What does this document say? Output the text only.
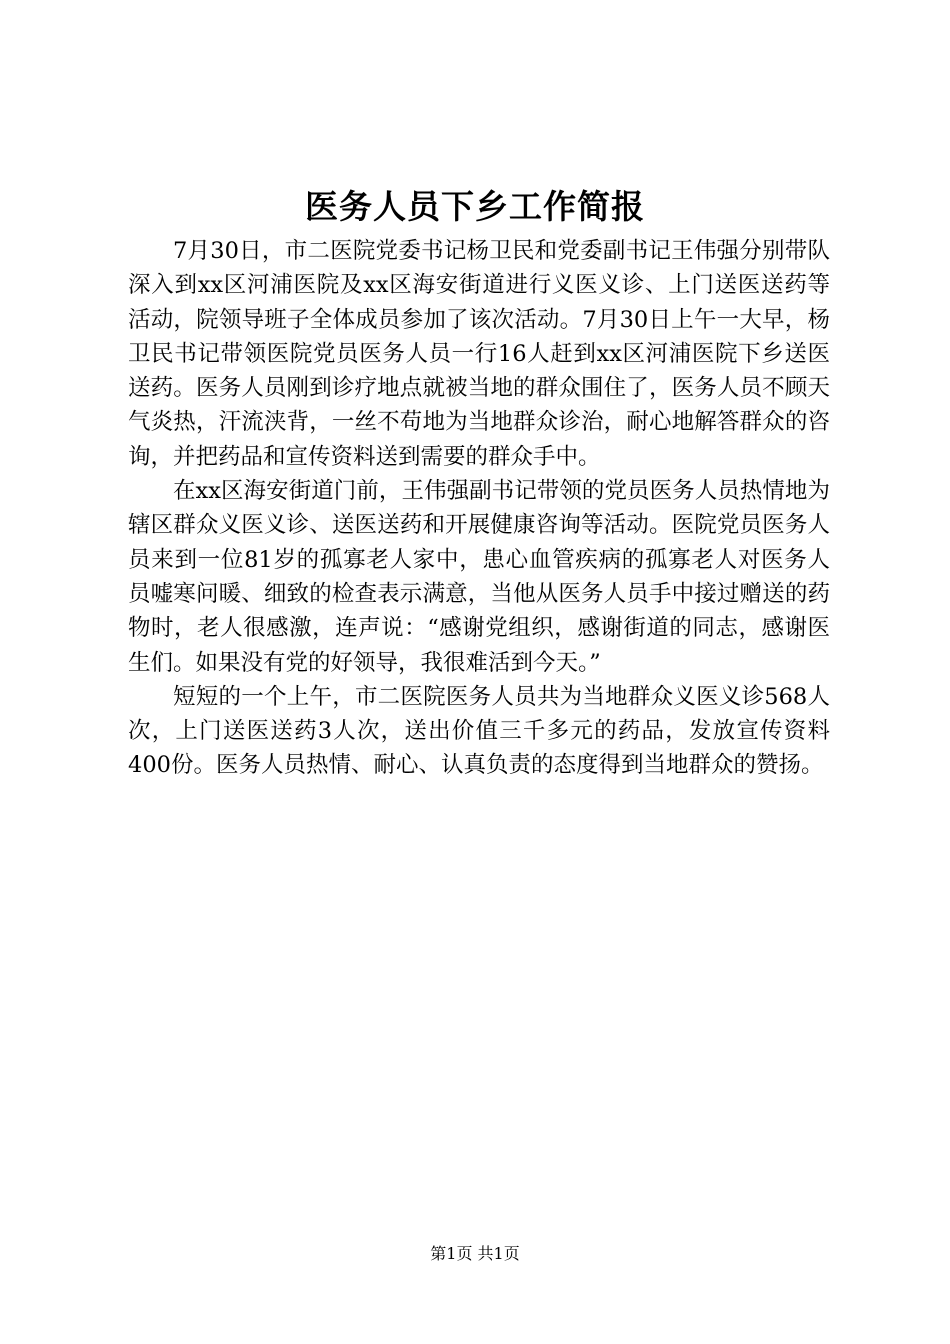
医务人员下乡工作简报

7月30日，市二医院党委书记杨卫民和党委副书记王伟强分别带队深入到xx区河浦医院及xx区海安街道进行义医义诊、上门送医送药等活动，院领导班子全体成员参加了该次活动。7月30日上午一大早，杨卫民书记带领医院党员医务人员一行16人赶到xx区河浦医院下乡送医送药。医务人员刚到诊疗地点就被当地的群众围住了，医务人员不顾天气炎热，汗流浃背，一丝不苟地为当地群众诊治，耐心地解答群众的咨询，并把药品和宣传资料送到需要的群众手中。

在xx区海安街道门前，王伟强副书记带领的党员医务人员热情地为辖区群众义医义诊、送医送药和开展健康咨询等活动。医院党员医务人员来到一位81岁的孤寡老人家中，患心血管疾病的孤寡老人对医务人员嘘寒问暖、细致的检查表示满意，当他从医务人员手中接过赠送的药物时，老人很感激，连声说：“感谢党组织，感谢街道的同志，感谢医生们。如果没有党的好领导，我很难活到今天。”

短短的一个上午，市二医院医务人员共为当地群众义医义诊568人次，上门送医送药3人次，送出价值三千多元的药品，发放宣传资料400份。医务人员热情、耐心、认真负责的态度得到当地群众的赞扬。

第1页 共1页
